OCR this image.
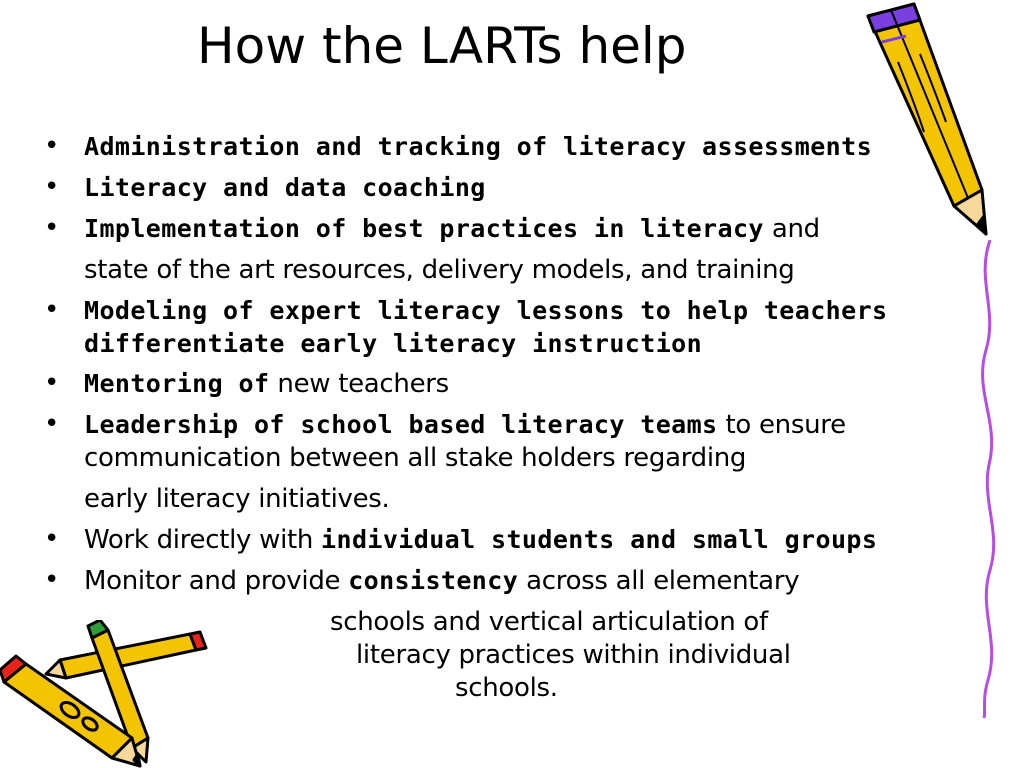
How the LARTs help
• Administration and tracking of literacy assessments
• Literacy and data coaching
• Implementation of best practices in literacy and
state of the art resources, delivery models, and training
• Modeling of expert literacy lessons to help teachers
differentiate early literacy instruction
• Mentoring of new teachers
• Leadership of school based literacy teams to ensure
communication between all stake holders regarding
early literacy initiatives.
• Work directly with individual students and small groups
• Monitor and provide consistency across all elementary
schools and vertical articulation of
literacy practices within individual
schools.
